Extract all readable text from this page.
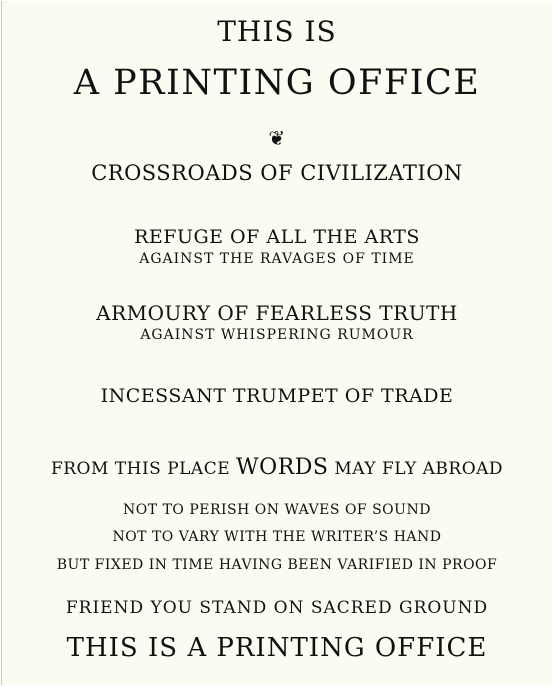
THIS IS
A PRINTING OFFICE
❦
CROSSROADS OF CIVILIZATION
REFUGE OF ALL THE ARTS
AGAINST THE RAVAGES OF TIME
ARMOURY OF FEARLESS TRUTH
AGAINST WHISPERING RUMOUR
INCESSANT TRUMPET OF TRADE
FROM THIS PLACE WORDS MAY FLY ABROAD
NOT TO PERISH ON WAVES OF SOUND
NOT TO VARY WITH THE WRITER’S HAND
BUT FIXED IN TIME HAVING BEEN VARIFIED IN PROOF
FRIEND YOU STAND ON SACRED GROUND
THIS IS A PRINTING OFFICE
